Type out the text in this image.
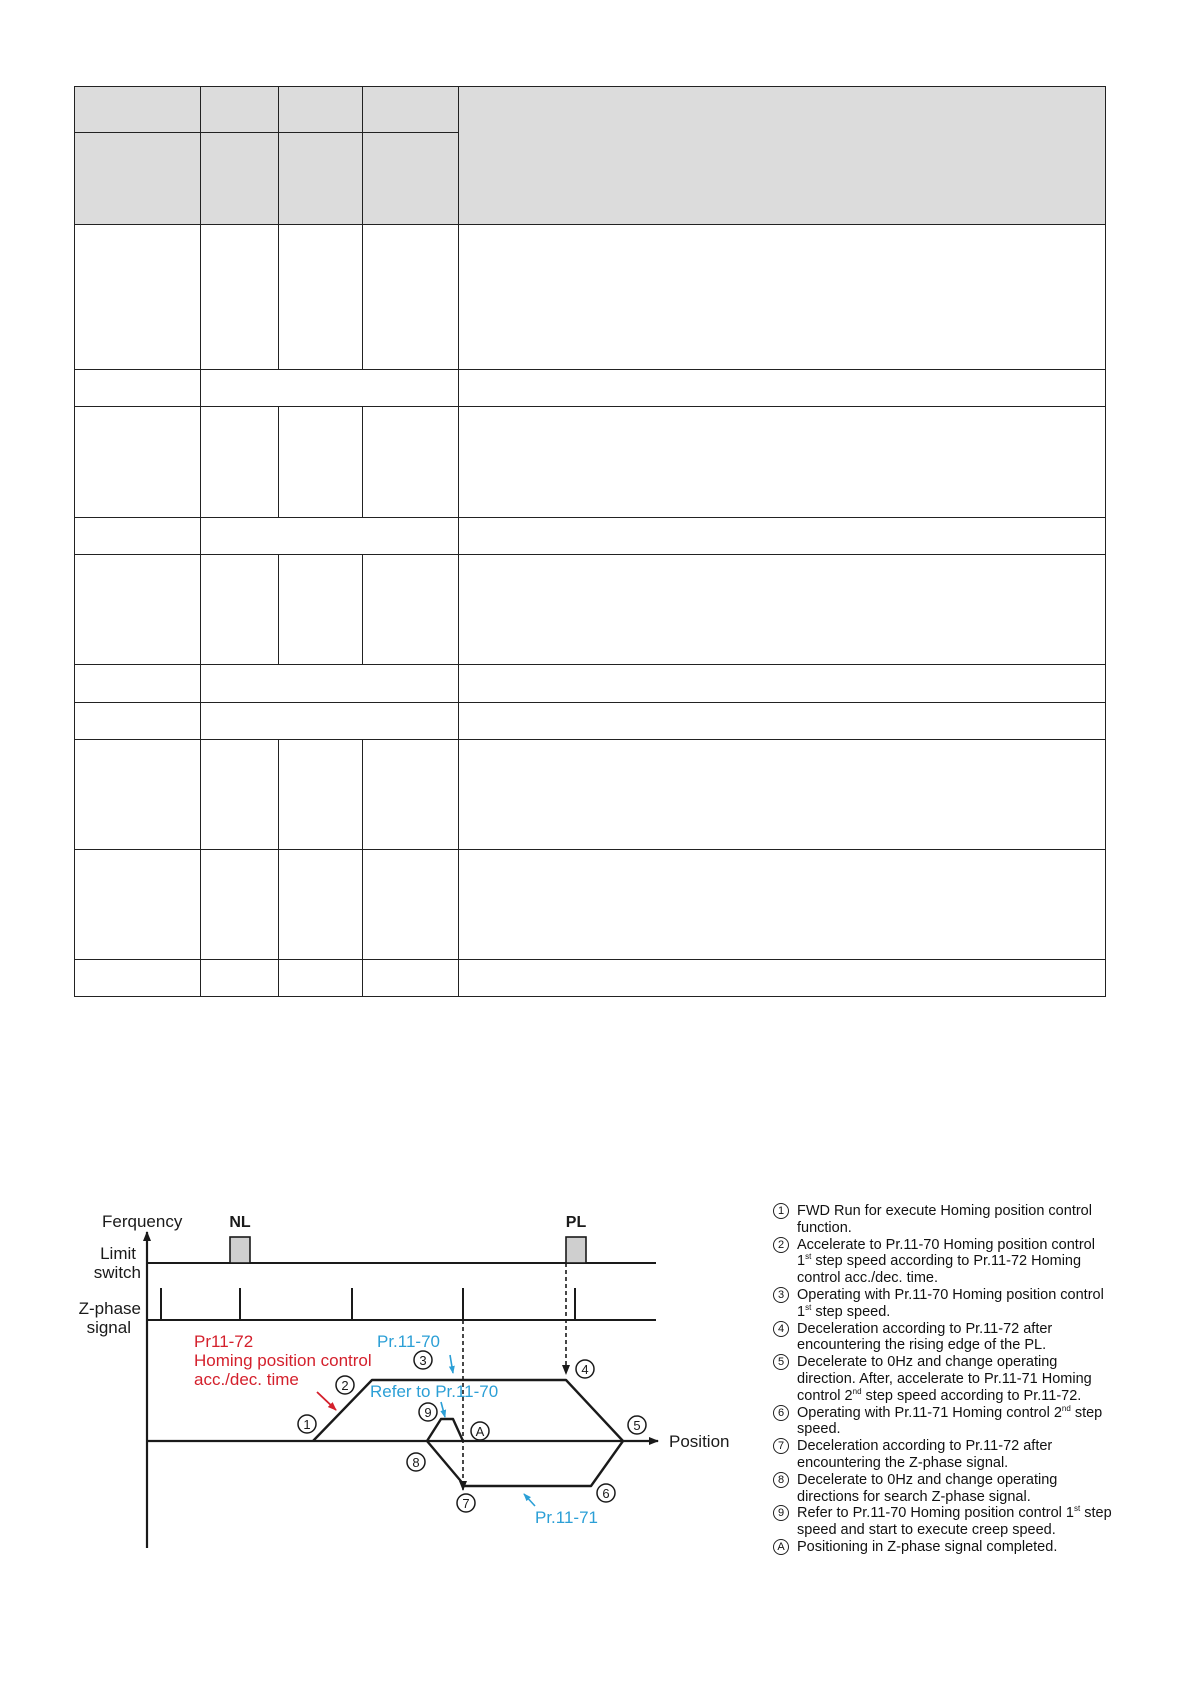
Ferquency
Position
Limit
switch
NL	PL
Z-phase
signal
Pr11-72
Homing position control
acc./dec. time
Pr.11-70
Refer to Pr.11-70
Pr.11-71
1
2
3
4
5
6
7
8
9
A
1 FWD Run for execute Homing position control function.
2 Accelerate to Pr.11-70 Homing position control 1st step speed according to Pr.11-72 Homing control acc./dec. time.
3 Operating with Pr.11-70 Homing position control 1st step speed.
4 Deceleration according to Pr.11-72 after encountering the rising edge of the PL.
5 Decelerate to 0Hz and change operating direction. After, accelerate to Pr.11-71 Homing control 2nd step speed according to Pr.11-72.
6 Operating with Pr.11-71 Homing control 2nd step speed.
7 Deceleration according to Pr.11-72 after encountering the Z-phase signal.
8 Decelerate to 0Hz and change operating directions for search Z-phase signal.
9 Refer to Pr.11-70 Homing position control 1st step speed and start to execute creep speed.
A Positioning in Z-phase signal completed.
